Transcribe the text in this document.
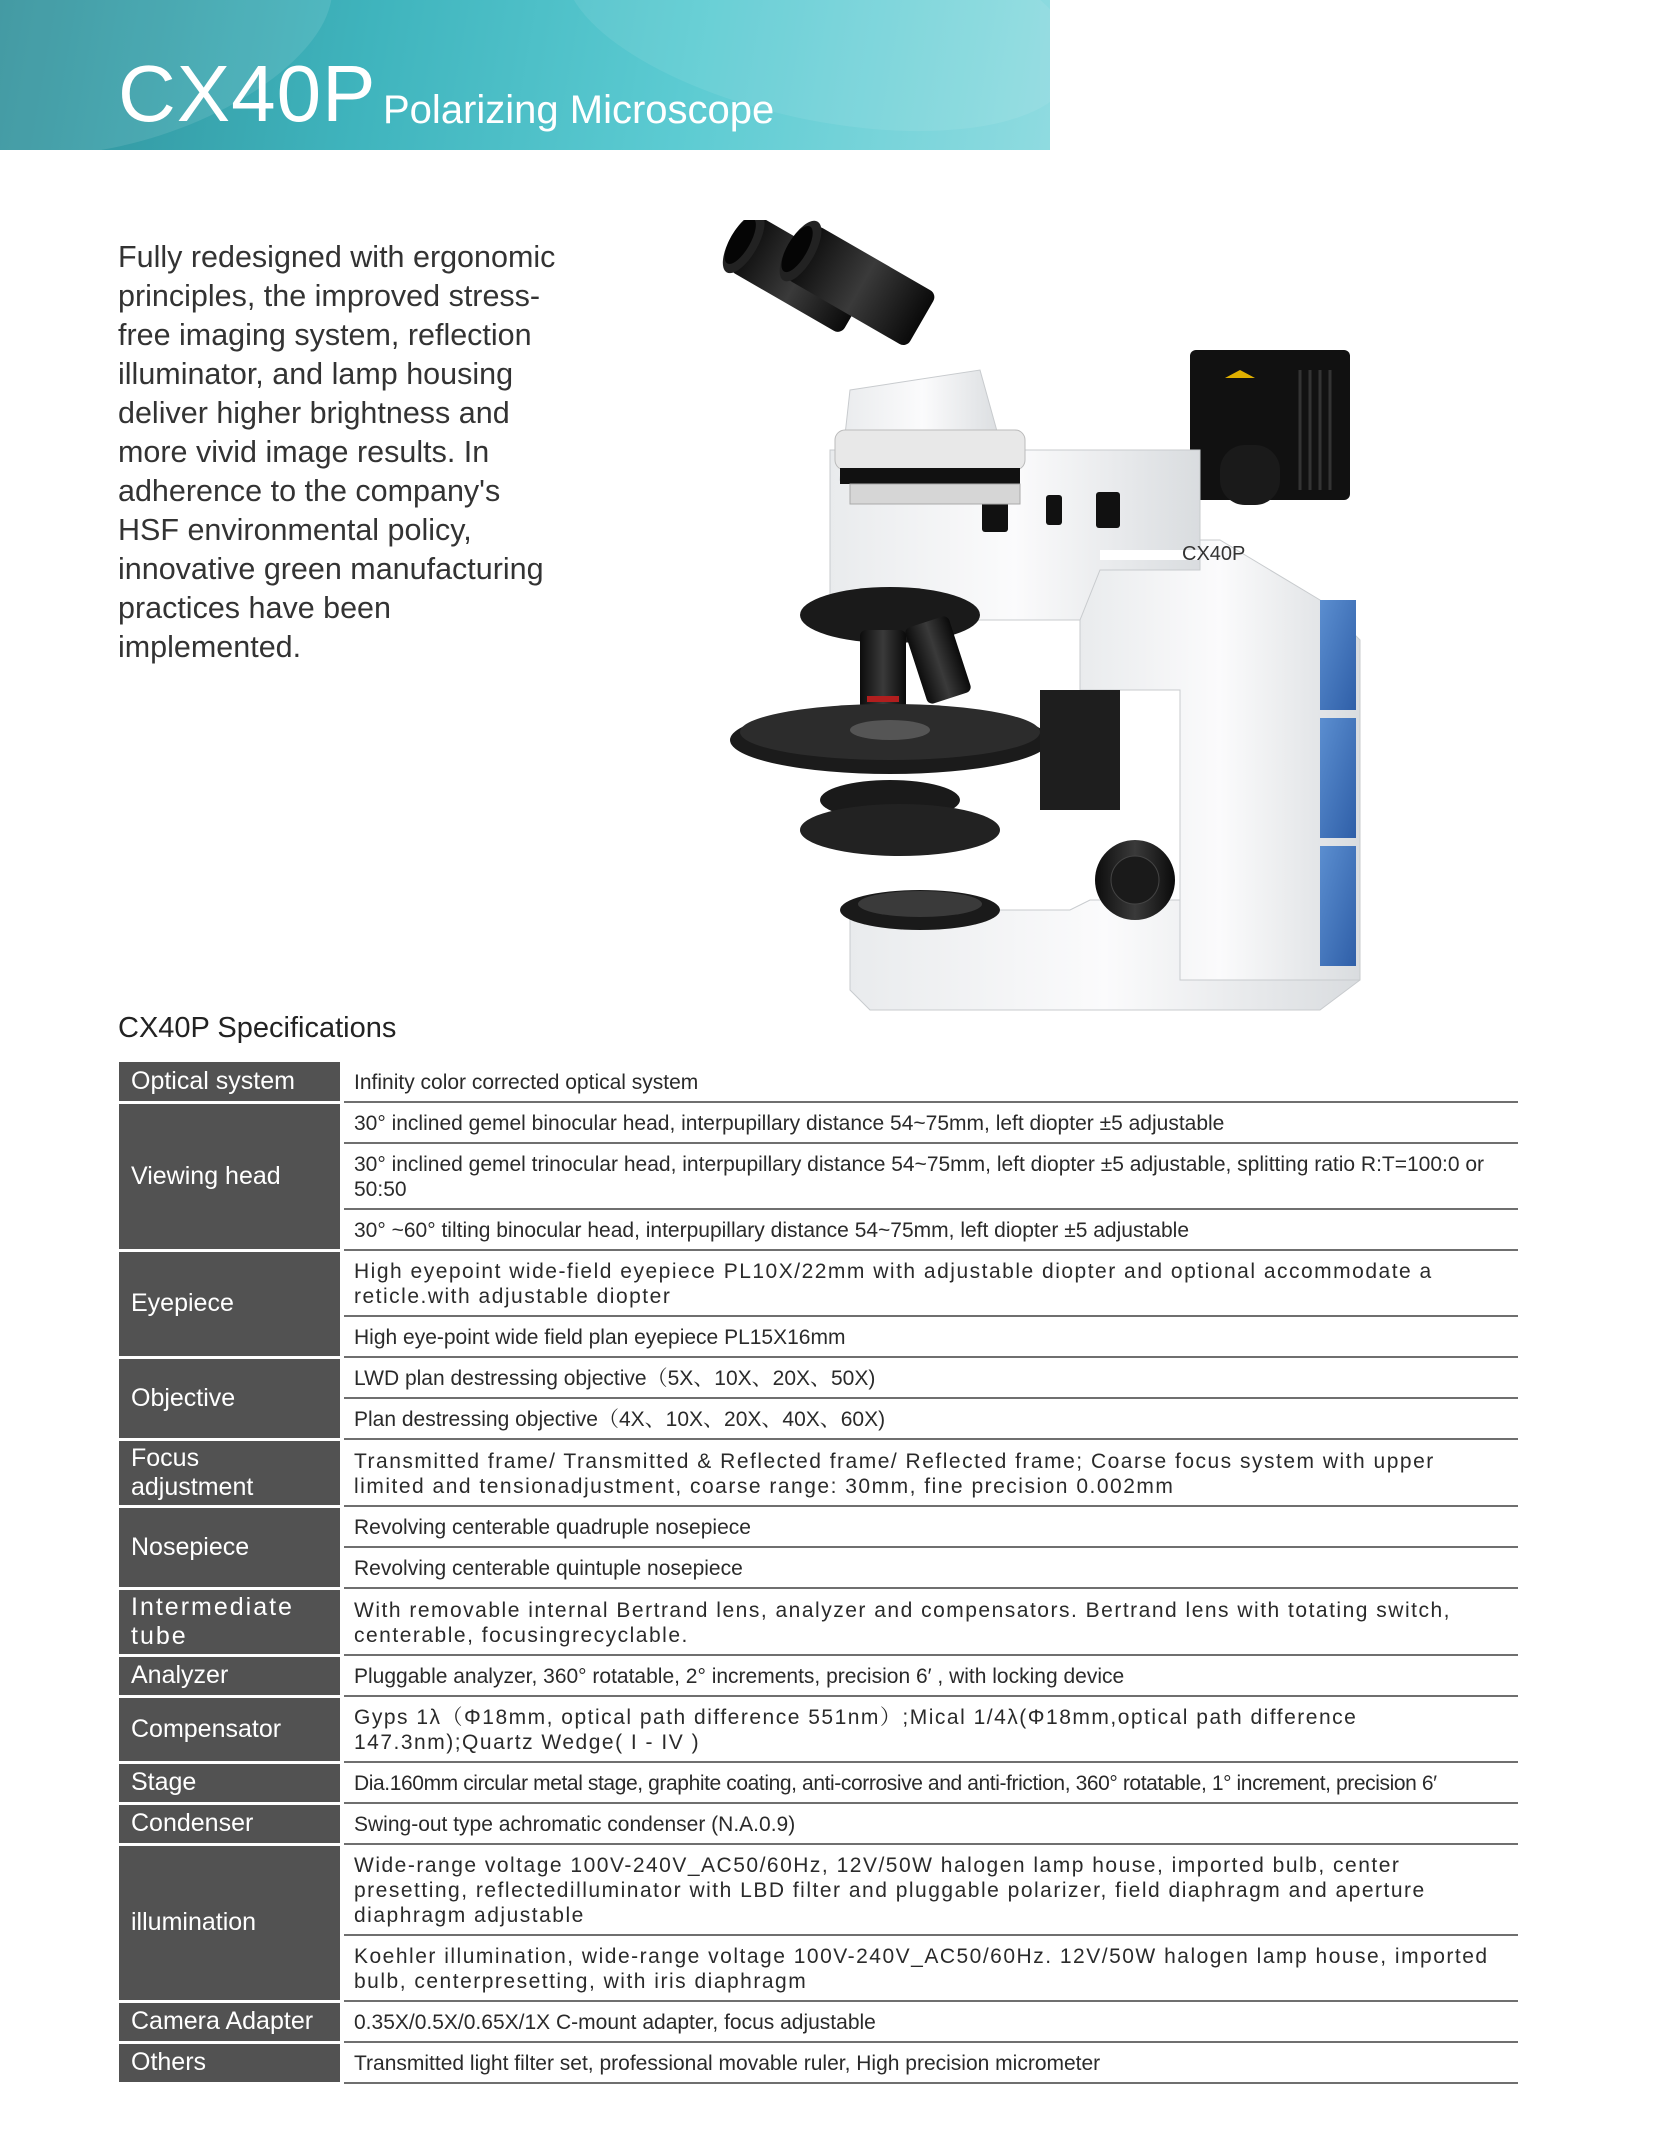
CX40P Polarizing Microscope
Fully redesigned with ergonomic principles, the improved stress-free imaging system, reflection illuminator, and lamp housing deliver higher brightness and more vivid image results. In adherence to the company's HSF environmental policy, innovative green manufacturing practices have been implemented.
CX40P
CX40P Specifications
Optical system	Infinity color corrected optical system
Viewing head	30° inclined gemel binocular head, interpupillary distance 54~75mm, left diopter ±5 adjustable
	30° inclined gemel trinocular head, interpupillary distance 54~75mm, left diopter ±5 adjustable, splitting ratio R:T=100:0 or 50:50
	30° ~60° tilting binocular head, interpupillary distance 54~75mm, left diopter ±5 adjustable
Eyepiece	High eyepoint wide-field eyepiece PL10X/22mm with adjustable diopter and optional accommodate a reticle.with adjustable diopter
	High eye-point wide field plan eyepiece PL15X16mm
Objective	LWD plan destressing objective（5X、10X、20X、50X)
	Plan destressing objective（4X、10X、20X、40X、60X)
Focus adjustment	Transmitted frame/ Transmitted & Reflected frame/ Reflected frame; Coarse focus system with upper limited and tensionadjustment, coarse range: 30mm, fine precision 0.002mm
Nosepiece	Revolving centerable quadruple nosepiece
	Revolving centerable quintuple nosepiece
Intermediate tube	With removable internal Bertrand lens, analyzer and compensators. Bertrand lens with totating switch, centerable, focusingrecyclable.
Analyzer	Pluggable analyzer, 360° rotatable, 2° increments, precision 6′ , with locking device
Compensator	Gyps 1λ（Φ18mm, optical path difference 551nm）;Mical 1/4λ(Φ18mm,optical path difference 147.3nm);Quartz Wedge( I - IV )
Stage	Dia.160mm circular metal stage, graphite coating, anti-corrosive and anti-friction, 360° rotatable, 1° increment, precision 6′
Condenser	Swing-out type achromatic condenser (N.A.0.9)
illumination	Wide-range voltage 100V-240V_AC50/60Hz, 12V/50W halogen lamp house, imported bulb, center presetting, reflectedilluminator with LBD filter and pluggable polarizer, field diaphragm and aperture diaphragm adjustable
	Koehler illumination, wide-range voltage 100V-240V_AC50/60Hz. 12V/50W halogen lamp house, imported bulb, centerpresetting, with iris diaphragm
Camera Adapter	0.35X/0.5X/0.65X/1X C-mount adapter, focus adjustable
Others	Transmitted light filter set, professional movable ruler, High precision micrometer
